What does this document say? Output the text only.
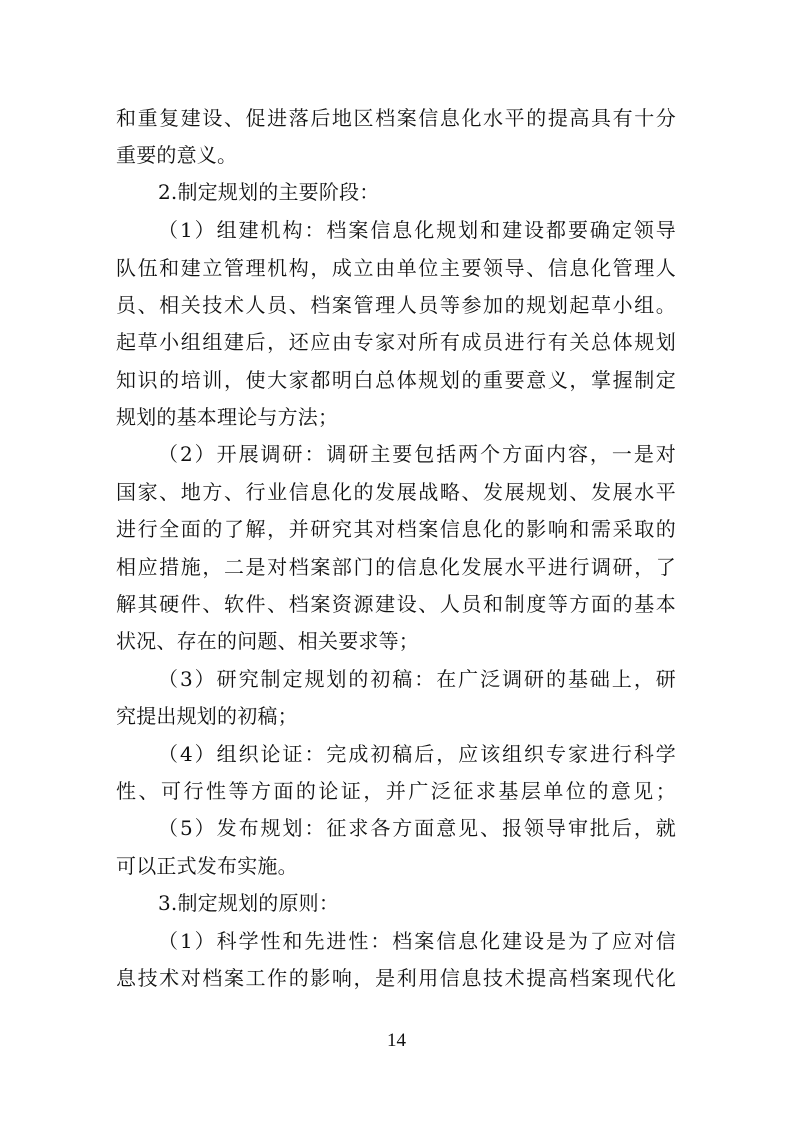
和重复建设、促进落后地区档案信息化水平的提高具有十分
重要的意义。
2.制定规划的主要阶段：
（1）组建机构：档案信息化规划和建设都要确定领导
队伍和建立管理机构，成立由单位主要领导、信息化管理人
员、相关技术人员、档案管理人员等参加的规划起草小组。
起草小组组建后，还应由专家对所有成员进行有关总体规划
知识的培训，使大家都明白总体规划的重要意义，掌握制定
规划的基本理论与方法；
（2）开展调研：调研主要包括两个方面内容，一是对
国家、地方、行业信息化的发展战略、发展规划、发展水平
进行全面的了解，并研究其对档案信息化的影响和需采取的
相应措施，二是对档案部门的信息化发展水平进行调研，了
解其硬件、软件、档案资源建设、人员和制度等方面的基本
状况、存在的问题、相关要求等；
（3）研究制定规划的初稿：在广泛调研的基础上，研
究提出规划的初稿；
（4）组织论证：完成初稿后，应该组织专家进行科学
性、可行性等方面的论证，并广泛征求基层单位的意见；
（5）发布规划：征求各方面意见、报领导审批后，就
可以正式发布实施。
3.制定规划的原则：
（1）科学性和先进性：档案信息化建设是为了应对信
息技术对档案工作的影响，是利用信息技术提高档案现代化
14
